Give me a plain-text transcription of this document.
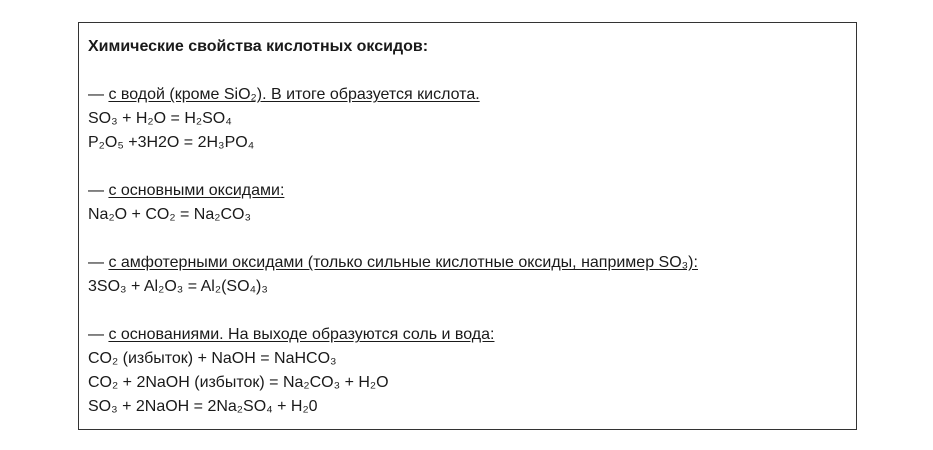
Химические свойства кислотных оксидов:
— с водой (кроме SiO₂). В итоге образуется кислота.
SO₃ + H₂O = H₂SO₄
P₂O₅ +3H2O = 2H₃PO₄
— с основными оксидами:
Na₂O + CO₂ = Na₂CO₃
— с амфотерными оксидами (только сильные кислотные оксиды, например SO₃):
3SO₃ + Al₂O₃ = Al₂(SO₄)₃
— с основаниями. На выходе образуются соль и вода:
CO₂ (избыток) + NaOH = NaHCO₃
CO₂ + 2NaOH (избыток) = Na₂CO₃ + H₂O
SO₃ + 2NaOH = 2Na₂SO₄ + H₂0
